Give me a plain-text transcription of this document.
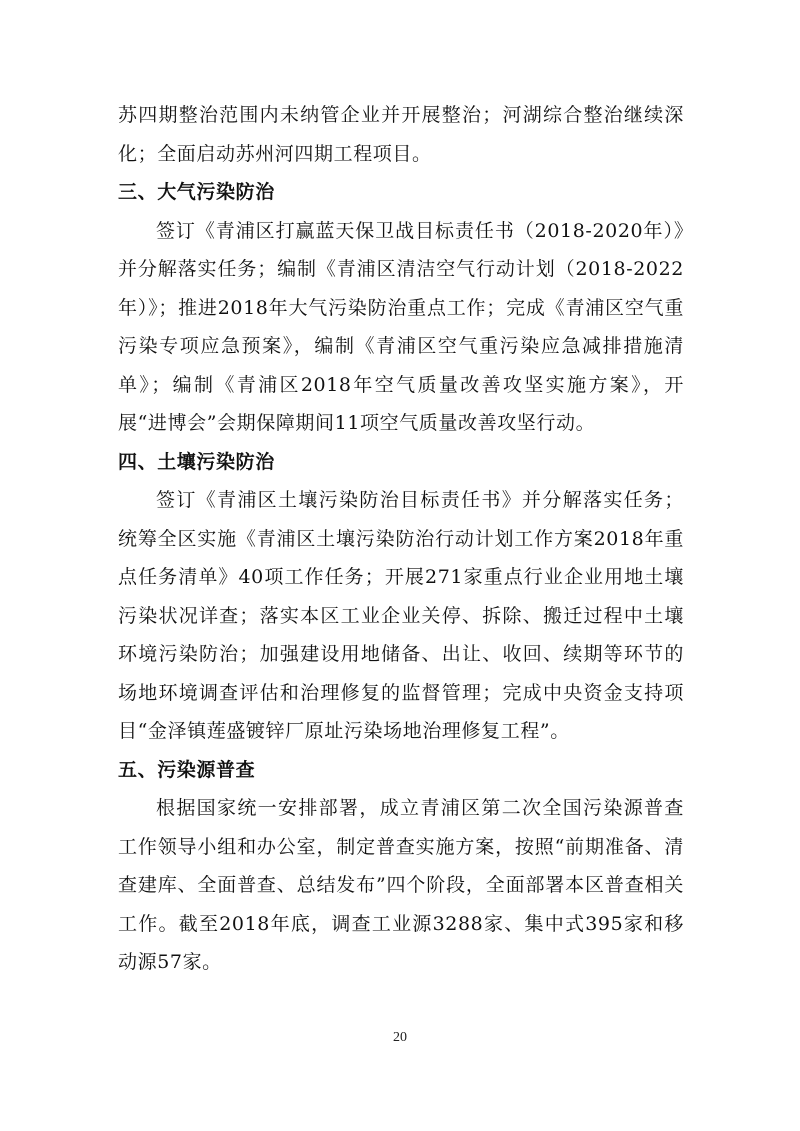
苏四期整治范围内未纳管企业并开展整治；河湖综合整治继续深化；全面启动苏州河四期工程项目。

三、大气污染防治

签订《青浦区打赢蓝天保卫战目标责任书（2018-2020年）》并分解落实任务；编制《青浦区清洁空气行动计划（2018-2022年）》；推进2018年大气污染防治重点工作；完成《青浦区空气重污染专项应急预案》，编制《青浦区空气重污染应急减排措施清单》；编制《青浦区2018年空气质量改善攻坚实施方案》，开展“进博会”会期保障期间11项空气质量改善攻坚行动。

四、土壤污染防治

签订《青浦区土壤污染防治目标责任书》并分解落实任务；统筹全区实施《青浦区土壤污染防治行动计划工作方案2018年重点任务清单》40项工作任务；开展271家重点行业企业用地土壤污染状况详查；落实本区工业企业关停、拆除、搬迁过程中土壤环境污染防治；加强建设用地储备、出让、收回、续期等环节的场地环境调查评估和治理修复的监督管理；完成中央资金支持项目“金泽镇莲盛镀锌厂原址污染场地治理修复工程”。

五、污染源普查

根据国家统一安排部署，成立青浦区第二次全国污染源普查工作领导小组和办公室，制定普查实施方案，按照“前期准备、清查建库、全面普查、总结发布”四个阶段，全面部署本区普查相关工作。截至2018年底，调查工业源3288家、集中式395家和移动源57家。

20
